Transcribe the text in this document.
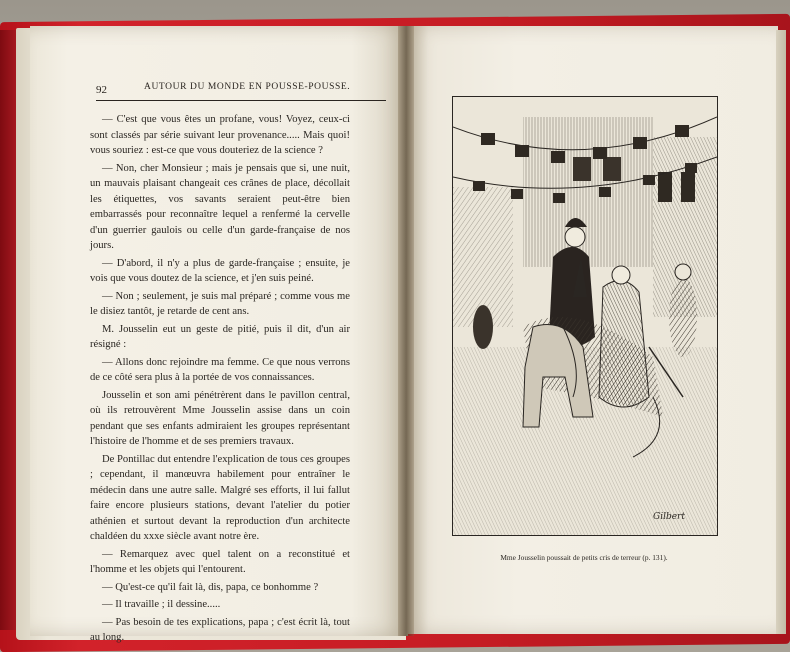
92	AUTOUR DU MONDE EN POUSSE-POUSSE.

— C'est que vous êtes un profane, vous! Voyez, ceux-ci sont classés par série suivant leur provenance..... Mais quoi! vous souriez : est-ce que vous douteriez de la science ?

— Non, cher Monsieur ; mais je pensais que si, une nuit, un mauvais plaisant changeait ces crânes de place, décollait les étiquettes, vos savants seraient peut-être bien embarrassés pour reconnaître lequel a renfermé la cervelle d'un guerrier gaulois ou celle d'un garde-française de nos jours.

— D'abord, il n'y a plus de garde-française ; ensuite, je vois que vous doutez de la science, et j'en suis peiné.

— Non ; seulement, je suis mal préparé ; comme vous me le disiez tantôt, je retarde de cent ans.

M. Jousselin eut un geste de pitié, puis il dit, d'un air résigné :

— Allons donc rejoindre ma femme. Ce que nous verrons de ce côté sera plus à la portée de vos connaissances.

Jousselin et son ami pénétrèrent dans le pavillon central, où ils retrouvèrent Mme Jousselin assise dans un coin pendant que ses enfants admiraient les groupes représentant l'histoire de l'homme et de ses premiers travaux.

De Pontillac dut entendre l'explication de tous ces groupes ; cependant, il manœuvra habilement pour entraîner le médecin dans une autre salle. Malgré ses efforts, il lui fallut faire encore plusieurs stations, devant l'atelier du potier athénien et surtout devant la reproduction d'un architecte chaldéen du xxxe siècle avant notre ère.

— Remarquez avec quel talent on a reconstitué et l'homme et les objets qui l'entourent.

— Qu'est-ce qu'il fait là, dis, papa, ce bonhomme ?

— Il travaille ; il dessine.....

— Pas besoin de tes explications, papa ; c'est écrit là, tout au long.

Gilbert
Mme Jousselin poussait de petits cris de terreur (p. 131).
